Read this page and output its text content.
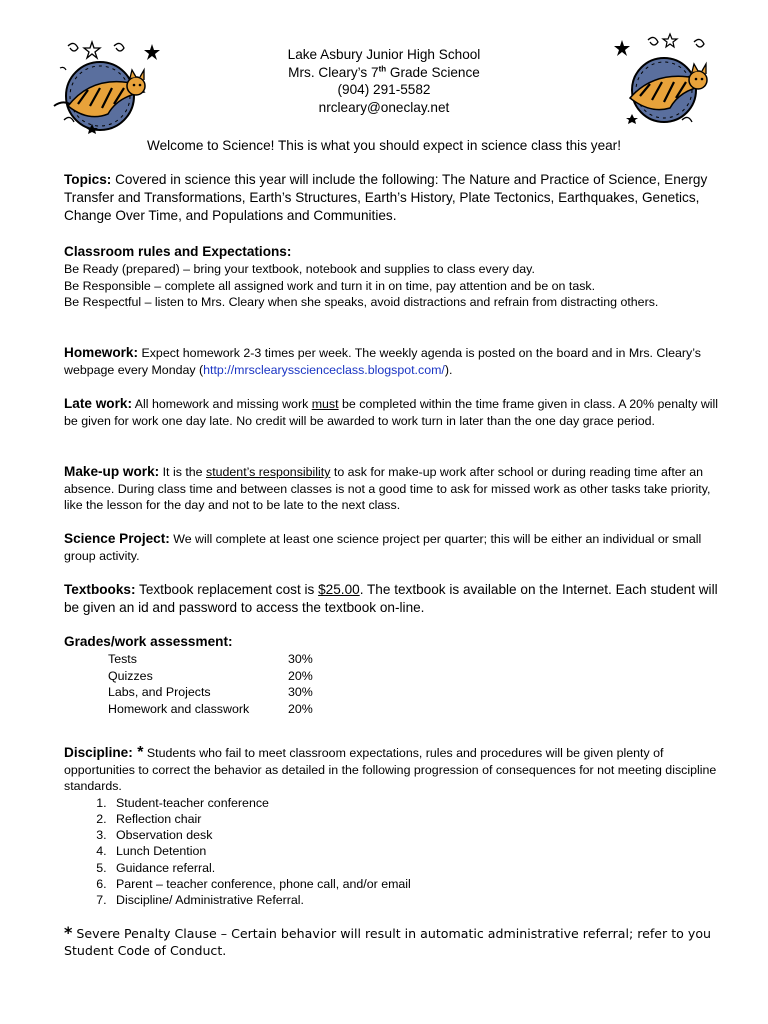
Lake Asbury Junior High School
Mrs. Cleary’s 7th Grade Science
(904) 291-5582
nrcleary@oneclay.net
Welcome to Science! This is what you should expect in science class this year!

Topics: Covered in science this year will include the following: The Nature and Practice of Science, Energy Transfer and Transformations, Earth’s Structures, Earth’s History, Plate Tectonics, Earthquakes, Genetics, Change Over Time, and Populations and Communities.

Classroom rules and Expectations:
Be Ready (prepared) – bring your textbook, notebook and supplies to class every day.
Be Responsible – complete all assigned work and turn it in on time, pay attention and be on task.
Be Respectful – listen to Mrs. Cleary when she speaks, avoid distractions and refrain from distracting others.

Homework: Expect homework 2-3 times per week. The weekly agenda is posted on the board and in Mrs. Cleary’s webpage every Monday (http://mrsclearysscienceclass.blogspot.com/).

Late work: All homework and missing work must be completed within the time frame given in class. A 20% penalty will be given for work one day late. No credit will be awarded to work turn in later than the one day grace period.

Make-up work: It is the student’s responsibility to ask for make-up work after school or during reading time after an absence. During class time and between classes is not a good time to ask for missed work as other tasks take priority, like the lesson for the day and not to be late to the next class.

Science Project: We will complete at least one science project per quarter; this will be either an individual or small group activity.

Textbooks: Textbook replacement cost is $25.00. The textbook is available on the Internet. Each student will be given an id and password to access the textbook on-line.

Grades/work assessment:
Tests	30%
Quizzes	20%
Labs, and Projects	30%
Homework and classwork	20%

Discipline: * Students who fail to meet classroom expectations, rules and procedures will be given plenty of opportunities to correct the behavior as detailed in the following progression of consequences for not meeting discipline standards.

1. Student-teacher conference
2. Reflection chair
3. Observation desk
4. Lunch Detention
5. Guidance referral.
6. Parent – teacher conference, phone call, and/or email
7. Discipline/ Administrative Referral.

* Severe Penalty Clause – Certain behavior will result in automatic administrative referral; refer to you Student Code of Conduct.
